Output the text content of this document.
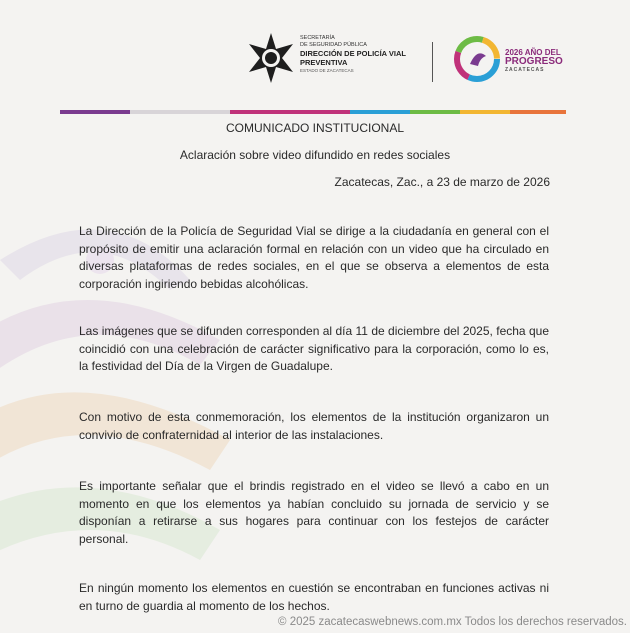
SECRETARÍA
DE SEGURIDAD PÚBLICA
DIRECCIÓN DE POLICÍA VIAL
PREVENTIVA
ESTADO DE ZACATECAS
2026 AÑO DEL
PROGRESO
ZACATECAS
COMUNICADO INSTITUCIONAL
Aclaración sobre video difundido en redes sociales
Zacatecas, Zac., a 23 de marzo de 2026
La Dirección de la Policía de Seguridad Vial se dirige a la ciudadanía en general con el propósito de emitir una aclaración formal en relación con un video que ha circulado en diversas plataformas de redes sociales, en el que se observa a elementos de esta corporación ingiriendo bebidas alcohólicas.
Las imágenes que se difunden corresponden al día 11 de diciembre del 2025, fecha que coincidió con una celebración de carácter significativo para la corporación, como lo es, la festividad del Día de la Virgen de Guadalupe.
Con motivo de esta conmemoración, los elementos de la institución organizaron un convivio de confraternidad al interior de las instalaciones.
Es importante señalar que el brindis registrado en el video se llevó a cabo en un momento en que los elementos ya habían concluido su jornada de servicio y se disponían a retirarse a sus hogares para continuar con los festejos de carácter personal.
En ningún momento los elementos en cuestión se encontraban en funciones activas ni en turno de guardia al momento de los hechos.
© 2025 zacatecaswebnews.com.mx Todos los derechos reservados.
